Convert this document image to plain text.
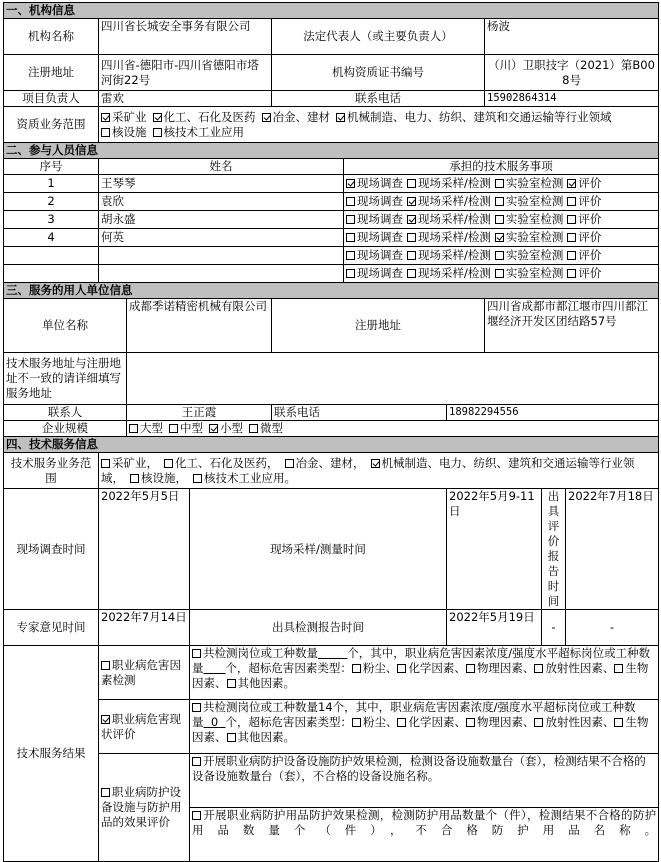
一、机构信息									
机构名称	四川省长城安全事务有限公司			法定代表人（或主要负责人）			杨波		
注册地址	四川省-德阳市-四川省德阳市塔河街22号			机构资质证书编号			（川）卫职技字（2021）第B008号		
项目负责人	雷欢			联系电话			15902864314		
资质业务范围	采矿业 化工、石化及医药 冶金、建材 机械制造、电力、纺织、建筑和交通运输等行业领域核设施 核技术工业应用								
二、参与人员信息									
序号	姓名				承担的技术服务事项				
1	王琴琴				现场调查 现场采样/检测 实验室检测 评价				
2	袁欣				现场调查 现场采样/检测 实验室检测 评价				
3	胡永盛				现场调查 现场采样/检测 实验室检测 评价				
4	何英				现场调查 现场采样/检测 实验室检测 评价				
					现场调查 现场采样/检测 实验室检测 评价				
					现场调查 现场采样/检测 实验室检测 评价				
三、服务的用人单位信息									
单位名称		成都季诺精密机械有限公司		注册地址			四川省成都市都江堰市四川都江堰经济开发区团结路57号		
技术服务地址与注册地址不一致的请详细填写服务地址									
联系人		王正霞		联系电话		18982294556			
企业规模		大型 中型 小型 微型							
四、技术服务信息									
技术服务业务范围	采矿业， 化工、石化及医药， 冶金、建材， 机械制造、电力、纺织、建筑和交通运输等行业领域， 核设施， 核技术工业应用。								
现场调查时间	2022年5月5日		现场采样/测量时间			2022年5月9-11日		出具评价报告时间	2022年7月18日
专家意见时间	2022年7月14日		出具检测报告时间			2022年5月19日		-	-
技术服务结果	职业病危害因素检测		共检测岗位或工种数量 个，其中，职业病危害因素浓度/强度水平超标岗位或工种数量 个，超标危害因素类型： 粉尘、 化学因素、 物理因素、 放射性因素、 生物因素、 其他因素。						
	职业病危害现状评价		共检测岗位或工种数量14个，其中，职业病危害因素浓度/强度水平超标岗位或工种数量 0 个，超标危害因素类型： 粉尘、 化学因素、 物理因素、 放射性因素、 生物因素、 其他因素。						
	职业病防护设备设施与防护用品的效果评价		开展职业病防护设备设施防护效果检测，检测设备设施数量台（套），检测结果不合格的设备设施数量台（套），不合格的设备设施名称。						
			开展职业病防护用品防护效果检测，检测防护用品数量个（件），检测结果不合格的防护用品数量个（件），不合格防护用品名称。						
